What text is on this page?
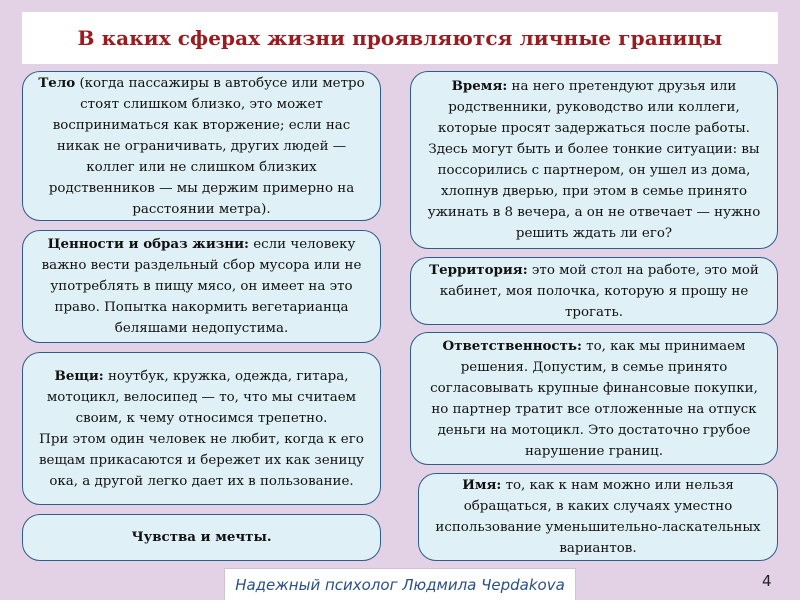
В каких сферах жизни проявляются личные границы

Тело (когда пассажиры в автобусе или метро стоят слишком близко, это может восприниматься как вторжение; если нас никак не ограничивать, других людей — коллег или не слишком близких родственников — мы держим примерно на расстоянии метра).

Ценности и образ жизни: если человеку важно вести раздельный сбор мусора или не употреблять в пищу мясо, он имеет на это право. Попытка накормить вегетарианца беляшами недопустима.

Вещи: ноутбук, кружка, одежда, гитара, мотоцикл, велосипед — то, что мы считаем своим, к чему относимся трепетно.
При этом один человек не любит, когда к его вещам прикасаются и бережет их как зеницу ока, а другой легко дает их в пользование.

Чувства и мечты.

Время: на него претендуют друзья или родственники, руководство или коллеги, которые просят задержаться после работы. Здесь могут быть и более тонкие ситуации: вы поссорились с партнером, он ушел из дома, хлопнув дверью, при этом в семье принято ужинать в 8 вечера, а он не отвечает — нужно решить ждать ли его?

Территория: это мой стол на работе, это мой кабинет, моя полочка, которую я прошу не трогать.

Ответственность: то, как мы принимаем решения. Допустим, в семье принято согласовывать крупные финансовые покупки, но партнер тратит все отложенные на отпуск деньги на мотоцикл. Это достаточно грубое нарушение границ.

Имя: то, как к нам можно или нельзя обращаться, в каких случаях уместно использование уменьшительно-ласкательных вариантов.

Надежный психолог Людмила Черdakova	4
